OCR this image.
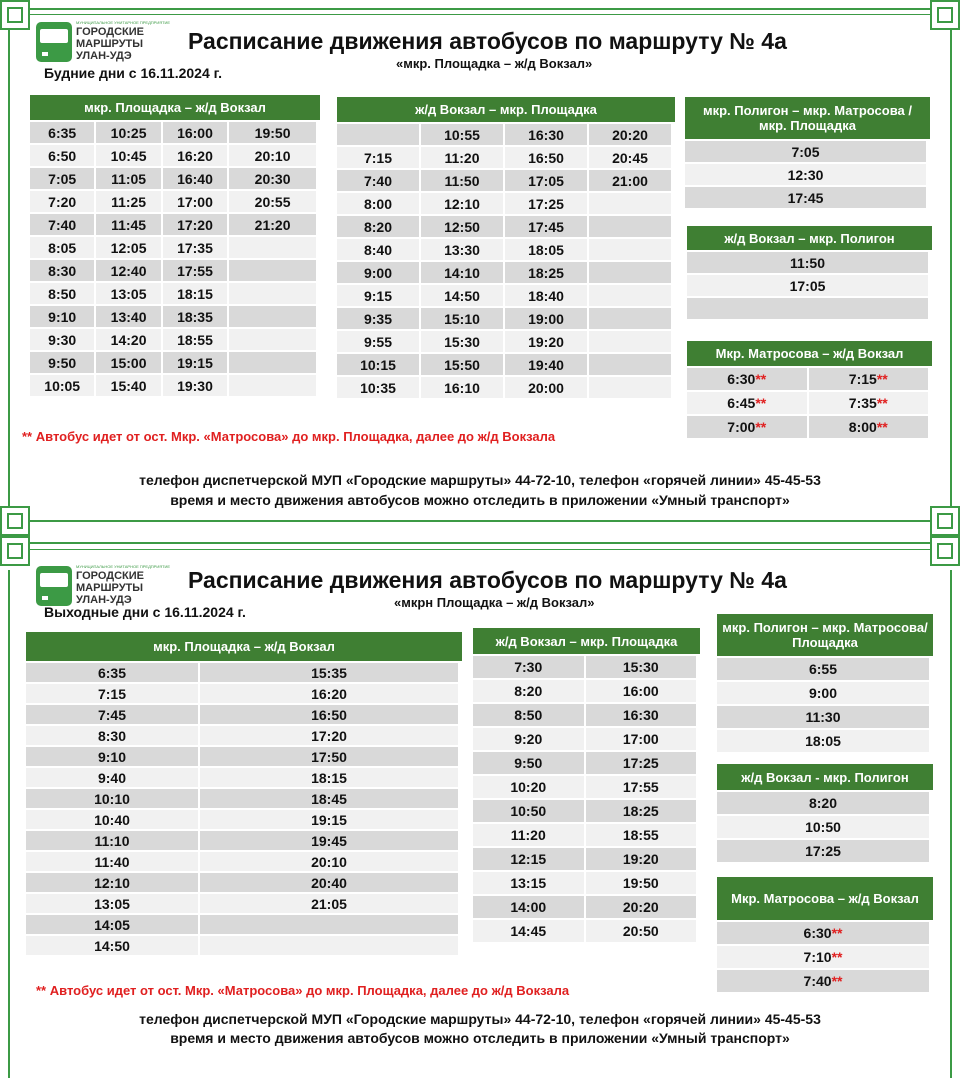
МУНИЦИПАЛЬНОЕ УНИТАРНОЕ ПРЕДПРИЯТИЕ
ГОРОДСКИЕ
МАРШРУТЫ
УЛАН-УДЭ
Расписание движения автобусов по маршруту № 4а
«мкр. Площадка – ж/д Вокзал»
Будние дни с 16.11.2024 г.
мкр. Площадка – ж/д Вокзал
6:35	10:25	16:00	19:50
6:50	10:45	16:20	20:10
7:05	11:05	16:40	20:30
7:20	11:25	17:00	20:55
7:40	11:45	17:20	21:20
8:05	12:05	17:35	
8:30	12:40	17:55	
8:50	13:05	18:15	
9:10	13:40	18:35	
9:30	14:20	18:55	
9:50	15:00	19:15	
10:05	15:40	19:30	
ж/д Вокзал – мкр. Площадка
	10:55	16:30	20:20
7:15	11:20	16:50	20:45
7:40	11:50	17:05	21:00
8:00	12:10	17:25	
8:20	12:50	17:45	
8:40	13:30	18:05	
9:00	14:10	18:25	
9:15	14:50	18:40	
9:35	15:10	19:00	
9:55	15:30	19:20	
10:15	15:50	19:40	
10:35	16:10	20:00	
мкр. Полигон – мкр. Матросова / мкр. Площадка
7:05
12:30
17:45
ж/д Вокзал – мкр. Полигон
11:50
17:05

Мкр. Матросова – ж/д Вокзал
6:30**	7:15**
6:45**	7:35**
7:00**	8:00**
** Автобус идет от ост. Мкр. «Матросова» до мкр. Площадка, далее до ж/д Вокзала
телефон диспетчерской МУП «Городские маршруты» 44-72-10, телефон «горячей линии» 45-45-53
время и место движения автобусов можно отследить в приложении «Умный транспорт»
МУНИЦИПАЛЬНОЕ УНИТАРНОЕ ПРЕДПРИЯТИЕ
ГОРОДСКИЕ
МАРШРУТЫ
УЛАН-УДЭ
Расписание движения автобусов по маршруту № 4а
«мкрн Площадка – ж/д Вокзал»
Выходные дни с 16.11.2024 г.
мкр. Площадка – ж/д Вокзал
6:35	15:35
7:15	16:20
7:45	16:50
8:30	17:20
9:10	17:50
9:40	18:15
10:10	18:45
10:40	19:15
11:10	19:45
11:40	20:10
12:10	20:40
13:05	21:05
14:05	
14:50	
ж/д Вокзал – мкр. Площадка
7:30	15:30
8:20	16:00
8:50	16:30
9:20	17:00
9:50	17:25
10:20	17:55
10:50	18:25
11:20	18:55
12:15	19:20
13:15	19:50
14:00	20:20
14:45	20:50
мкр. Полигон – мкр. Матросова/Площадка
6:55
9:00
11:30
18:05
ж/д Вокзал - мкр. Полигон
8:20
10:50
17:25
Мкр. Матросова – ж/д Вокзал
6:30**
7:10**
7:40**
** Автобус идет от ост. Мкр. «Матросова» до мкр. Площадка, далее до ж/д Вокзала
телефон диспетчерской МУП «Городские маршруты» 44-72-10, телефон «горячей линии» 45-45-53
время и место движения автобусов можно отследить в приложении «Умный транспорт»
